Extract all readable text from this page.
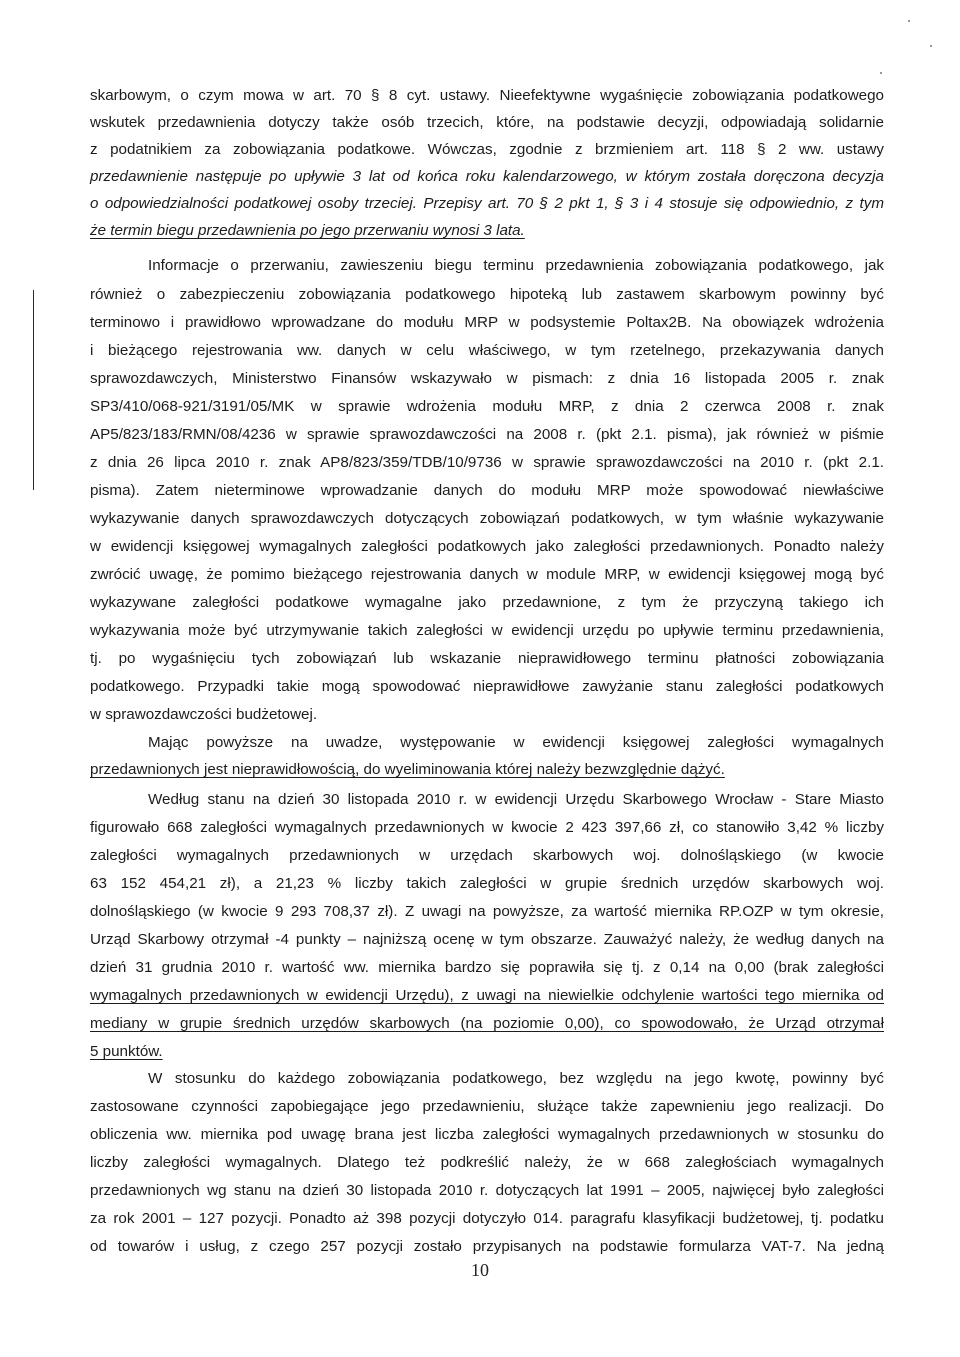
skarbowym, o czym mowa w art. 70 § 8 cyt. ustawy. Nieefektywne wygaśnięcie zobowiązania podatkowego
wskutek przedawnienia dotyczy także osób trzecich, które, na podstawie decyzji, odpowiadają solidarnie
z podatnikiem za zobowiązania podatkowe. Wówczas, zgodnie z brzmieniem art. 118 § 2 ww. ustawy
przedawnienie następuje po upływie 3 lat od końca roku kalendarzowego, w którym została doręczona decyzja
o odpowiedzialności podatkowej osoby trzeciej. Przepisy art. 70 § 2 pkt 1, § 3 i 4 stosuje się odpowiednio, z tym
że termin biegu przedawnienia po jego przerwaniu wynosi 3 lata.
Informacje o przerwaniu, zawieszeniu biegu terminu przedawnienia zobowiązania podatkowego, jak
również o zabezpieczeniu zobowiązania podatkowego hipoteką lub zastawem skarbowym powinny być
terminowo i prawidłowo wprowadzane do modułu MRP w podsystemie Poltax2B. Na obowiązek wdrożenia
i bieżącego rejestrowania ww. danych w celu właściwego, w tym rzetelnego, przekazywania danych
sprawozdawczych, Ministerstwo Finansów wskazywało w pismach: z dnia 16 listopada 2005 r. znak
SP3/410/068-921/3191/05/MK w sprawie wdrożenia modułu MRP, z dnia 2 czerwca 2008 r. znak
AP5/823/183/RMN/08/4236 w sprawie sprawozdawczości na 2008 r. (pkt 2.1. pisma), jak również w piśmie
z dnia 26 lipca 2010 r. znak AP8/823/359/TDB/10/9736 w sprawie sprawozdawczości na 2010 r. (pkt 2.1.
pisma). Zatem nieterminowe wprowadzanie danych do modułu MRP może spowodować niewłaściwe
wykazywanie danych sprawozdawczych dotyczących zobowiązań podatkowych, w tym właśnie wykazywanie
w ewidencji księgowej wymagalnych zaległości podatkowych jako zaległości przedawnionych. Ponadto należy
zwrócić uwagę, że pomimo bieżącego rejestrowania danych w module MRP, w ewidencji księgowej mogą być
wykazywane zaległości podatkowe wymagalne jako przedawnione, z tym że przyczyną takiego ich
wykazywania może być utrzymywanie takich zaległości w ewidencji urzędu po upływie terminu przedawnienia,
tj. po wygaśnięciu tych zobowiązań lub wskazanie nieprawidłowego terminu płatności zobowiązania
podatkowego. Przypadki takie mogą spowodować nieprawidłowe zawyżanie stanu zaległości podatkowych
w sprawozdawczości budżetowej.
Mając powyższe na uwadze, występowanie w ewidencji księgowej zaległości wymagalnych
przedawnionych jest nieprawidłowością, do wyeliminowania której należy bezwzględnie dążyć.
Według stanu na dzień 30 listopada 2010 r. w ewidencji Urzędu Skarbowego Wrocław - Stare Miasto
figurowało 668 zaległości wymagalnych przedawnionych w kwocie 2 423 397,66 zł, co stanowiło 3,42 % liczby
zaległości wymagalnych przedawnionych w urzędach skarbowych woj. dolnośląskiego (w kwocie
63 152 454,21 zł), a 21,23 % liczby takich zaległości w grupie średnich urzędów skarbowych woj.
dolnośląskiego (w kwocie 9 293 708,37 zł). Z uwagi na powyższe, za wartość miernika RP.OZP w tym okresie,
Urząd Skarbowy otrzymał -4 punkty – najniższą ocenę w tym obszarze. Zauważyć należy, że według danych na
dzień 31 grudnia 2010 r. wartość ww. miernika bardzo się poprawiła się tj. z 0,14 na 0,00 (brak zaległości
wymagalnych przedawnionych w ewidencji Urzędu), z uwagi na niewielkie odchylenie wartości tego miernika od
mediany w grupie średnich urzędów skarbowych (na poziomie 0,00), co spowodowało, że Urząd otrzymał
5 punktów.
W stosunku do każdego zobowiązania podatkowego, bez względu na jego kwotę, powinny być
zastosowane czynności zapobiegające jego przedawnieniu, służące także zapewnieniu jego realizacji. Do
obliczenia ww. miernika pod uwagę brana jest liczba zaległości wymagalnych przedawnionych w stosunku do
liczby zaległości wymagalnych. Dlatego też podkreślić należy, że w 668 zaległościach wymagalnych
przedawnionych wg stanu na dzień 30 listopada 2010 r. dotyczących lat 1991 – 2005, najwięcej było zaległości
za rok 2001 – 127 pozycji. Ponadto aż 398 pozycji dotyczyło 014. paragrafu klasyfikacji budżetowej, tj. podatku
od towarów i usług, z czego 257 pozycji zostało przypisanych na podstawie formularza VAT-7. Na jedną
10
